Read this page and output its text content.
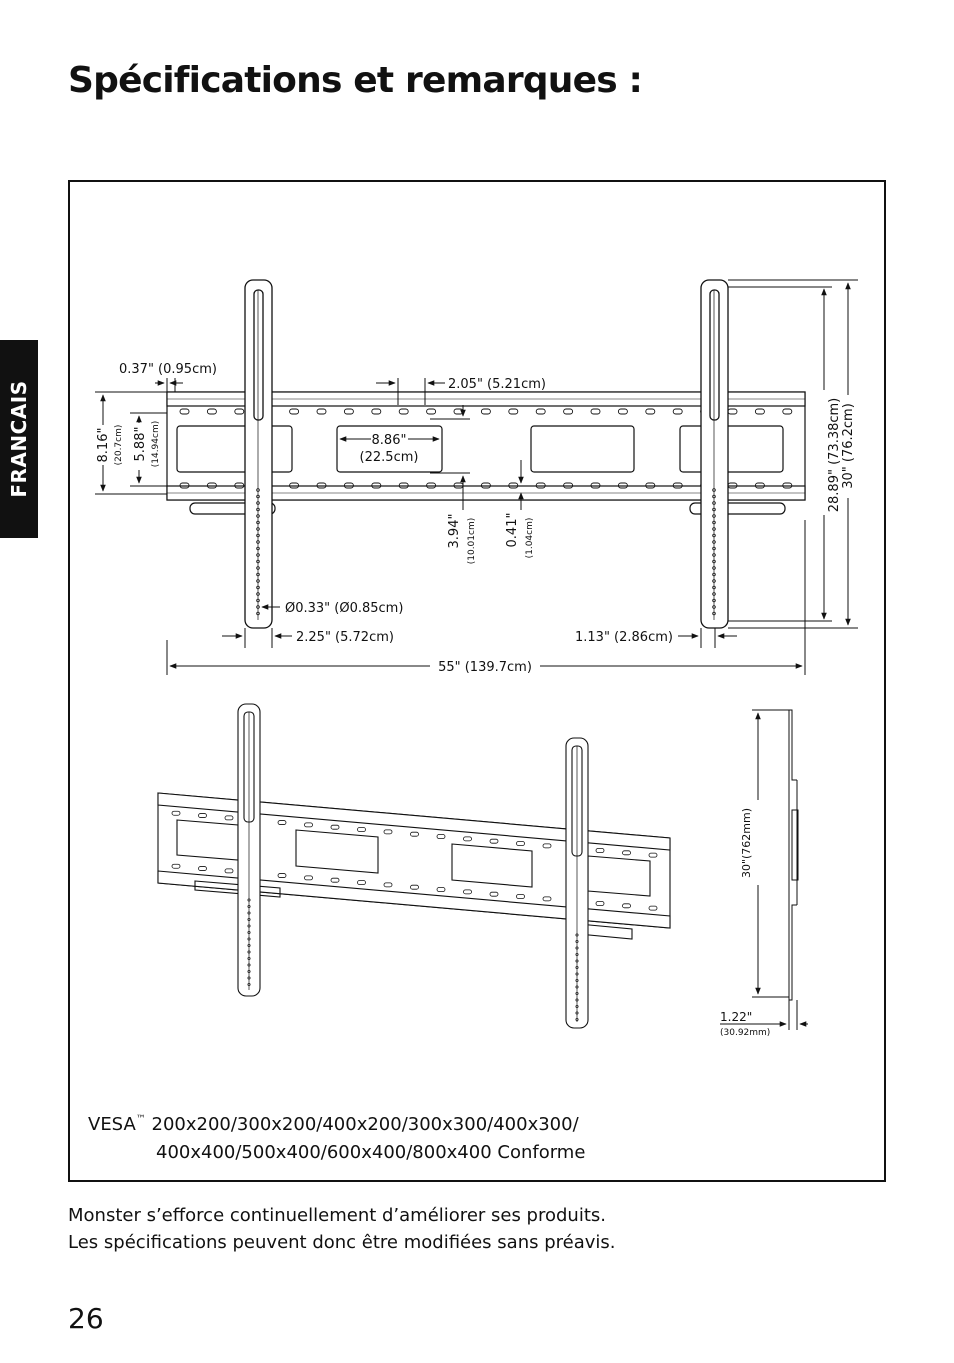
Spécifications et remarques :
FRANCAIS
55" (139.7cm)
28.89" (73.38cm) 30" (76.2cm)
0.37" (0.95cm)
2.05" (5.21cm)
8.86"
(22.5cm)
Ø0.33" (Ø0.85cm)
2.25" (5.72cm)	1.13" (2.86cm)
8.16" (20.7cm) 5.88" (14.94cm)
3.94" (10.01cm) 0.41" (1.04cm)
30"(762mm)
1.22"
(30.92mm)
VESA™ 200x200/300x200/400x200/300x300/400x300/
400x400/500x400/600x400/800x400 Conforme
Monster s’efforce continuellement d’améliorer ses produits.
Les spécifications peuvent donc être modifiées sans préavis.
26
